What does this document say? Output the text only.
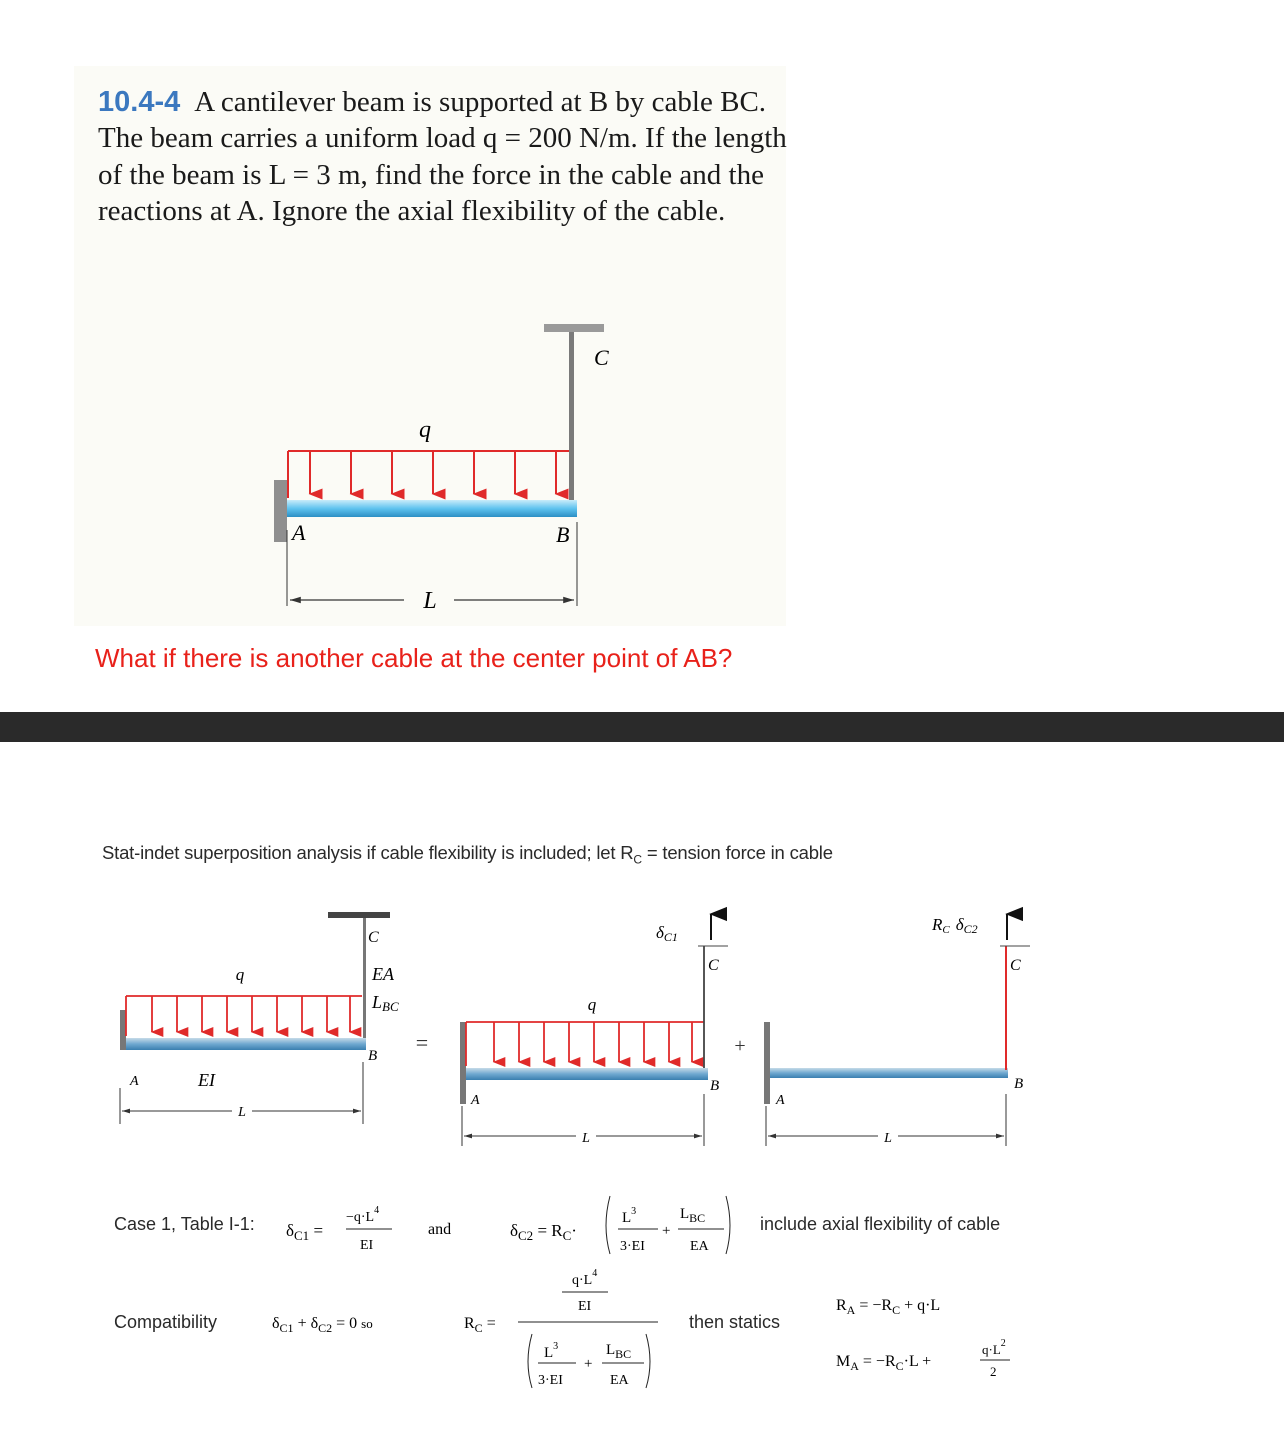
10.4-4 A cantilever beam is supported at B by cable BC. The beam carries a uniform load q = 200 N/m. If the length of the beam is L = 3 m, find the force in the cable and the reactions at A. Ignore the axial flexibility of the cable.
q
C
A	B
L
What if there is another cable at the center point of AB?
Stat-indet superposition analysis if cable flexibility is included; let $R_C$ = tension force in cable
q
C
EA
LBC
B
A	EI
L
=
δC1
C
q
B
A
L
+
RC δC2
C
B
A
L
Case 1, Table I-1: $\delta_{C1}$ =
$-q\cdot L^4$
EI
and	$\delta_{C2} = R_C\cdot$
$L^3$
3·EI
+
$L_{BC}$
EA
include axial flexibility of cable
Compatibility	$\delta_{C1} + \delta_{C2} = 0$ so	$R_C$ =
$q\cdot L^4$
EI
$L^3$
3·EI
+
$L_{BC}$
EA
then statics
$R_A = -R_C + q\cdot L$
$M_A = -R_C\cdot L$ +
$q\cdot L^2$
2
